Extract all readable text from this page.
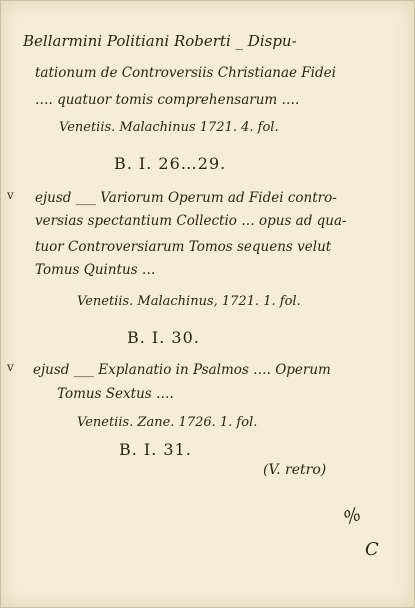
Bellarmini Politiani Roberti _ Dispu-
tationum de Controversiis Christianae Fidei
…. quatuor tomis comprehensarum ….
Venetiis. Malachinus 1721. 4. fol.
B. I. 26…29.
v ejusd ___ Variorum Operum ad Fidei contro-
versias spectantium Collectio … opus ad qua-
tuor Controversiarum Tomos sequens velut
Tomus Quintus …
Venetiis. Malachinus, 1721. 1. fol.
B. I. 30.
v ejusd ___ Explanatio in Psalmos …. Operum
Tomus Sextus ….
Venetiis. Zane. 1726. 1. fol.
B. I. 31.
(V. retro)
%
C
